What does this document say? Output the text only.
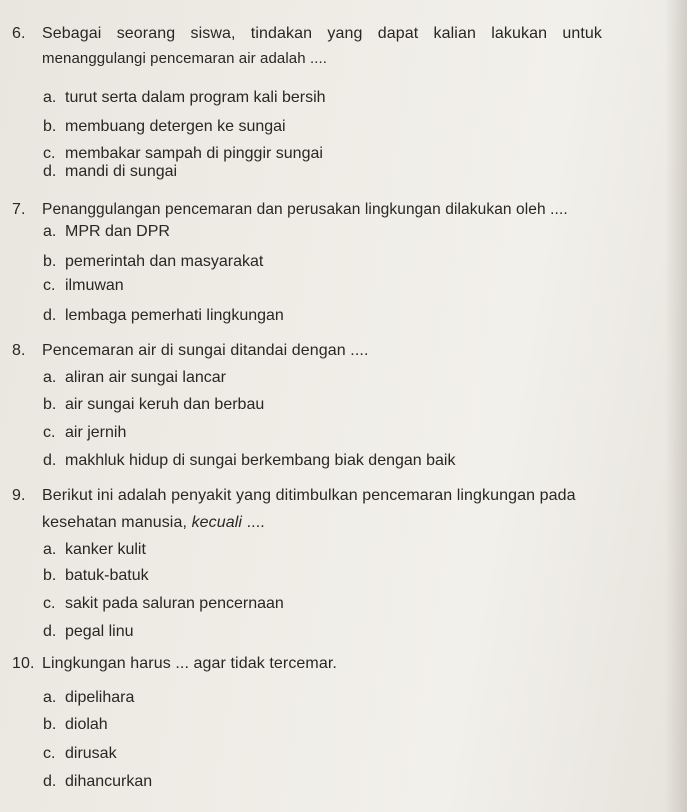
6. Sebagai seorang siswa, tindakan yang dapat kalian lakukan untuk
menanggulangi pencemaran air adalah ....
a. turut serta dalam program kali bersih
b. membuang detergen ke sungai
c. membakar sampah di pinggir sungai
d. mandi di sungai
7. Penanggulangan pencemaran dan perusakan lingkungan dilakukan oleh ....
a. MPR dan DPR
b. pemerintah dan masyarakat
c. ilmuwan
d. lembaga pemerhati lingkungan
8. Pencemaran air di sungai ditandai dengan ....
a. aliran air sungai lancar
b. air sungai keruh dan berbau
c. air jernih
d. makhluk hidup di sungai berkembang biak dengan baik
9. Berikut ini adalah penyakit yang ditimbulkan pencemaran lingkungan pada
kesehatan manusia, kecuali ....
a. kanker kulit
b. batuk-batuk
c. sakit pada saluran pencernaan
d. pegal linu
10. Lingkungan harus ... agar tidak tercemar.
a. dipelihara
b. diolah
c. dirusak
d. dihancurkan
